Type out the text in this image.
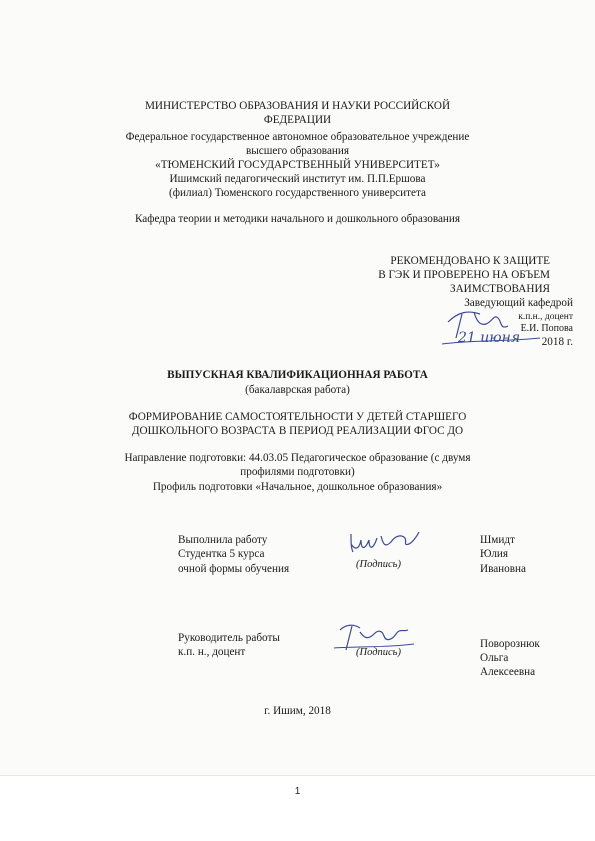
МИНИСТЕРСТВО ОБРАЗОВАНИЯ И НАУКИ РОССИЙСКОЙ
ФЕДЕРАЦИИ
Федеральное государственное автономное образовательное учреждение
высшего образования
«ТЮМЕНСКИЙ ГОСУДАРСТВЕННЫЙ УНИВЕРСИТЕТ»
Ишимский педагогический институт им. П.П.Ершова
(филиал) Тюменского государственного университета
Кафедра теории и методики начального и дошкольного образования
РЕКОМЕНДОВАНО К ЗАЩИТЕ
В ГЭК И ПРОВЕРЕНО НА ОБЪЕМ
ЗАИМСТВОВАНИЯ
Заведующий кафедрой
к.п.н., доцент
Е.И. Попова
2018 г.
21 июня
ВЫПУСКНАЯ КВАЛИФИКАЦИОННАЯ РАБОТА
(бакалаврская работа)
ФОРМИРОВАНИЕ САМОСТОЯТЕЛЬНОСТИ У ДЕТЕЙ СТАРШЕГО
ДОШКОЛЬНОГО ВОЗРАСТА В ПЕРИОД РЕАЛИЗАЦИИ ФГОС ДО
Направление подготовки: 44.03.05 Педагогическое образование (с двумя
профилями подготовки)
Профиль подготовки «Начальное, дошкольное образования»
Выполнила работу
Студентка 5 курса
очной формы обучения	(Подпись)
Шмидт
Юлия
Ивановна
Руководитель работы
к.п. н., доцент	(Подпись)
Поворознюк
Ольга
Алексеевна
г. Ишим, 2018
1
